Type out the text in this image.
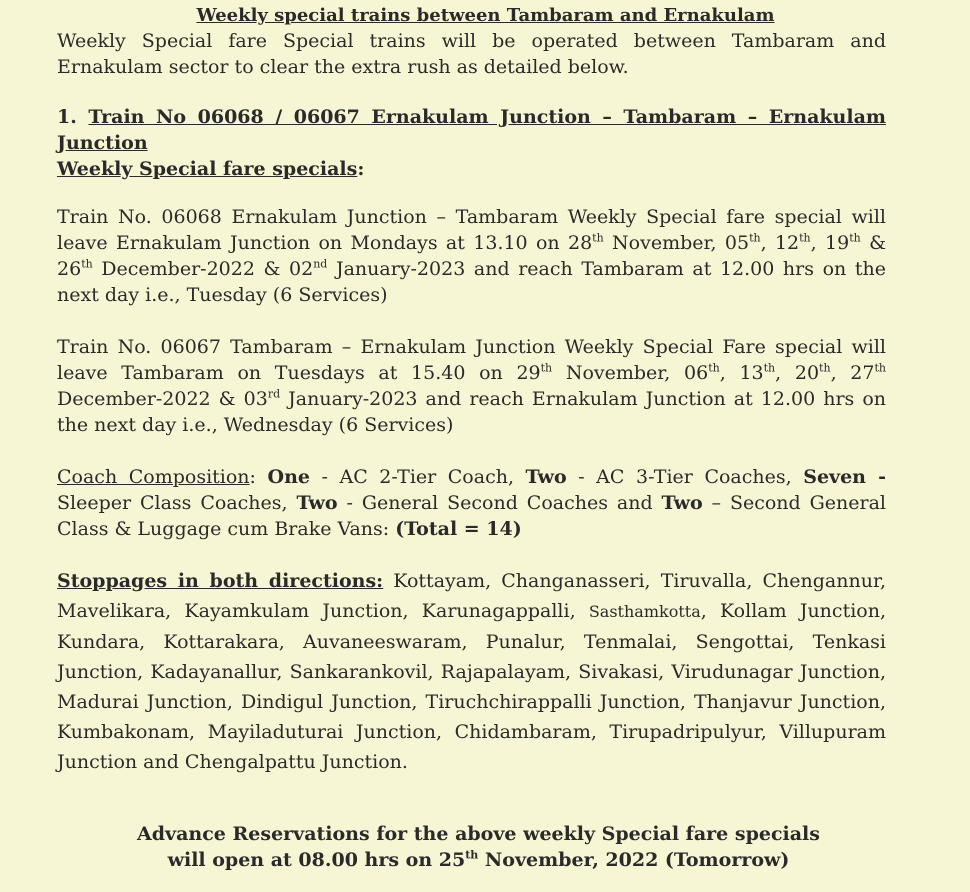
Weekly special trains between Tambaram and Ernakulam

Weekly Special fare Special trains will be operated between Tambaram and Ernakulam sector to clear the extra rush as detailed below.

1. Train No 06068 / 06067 Ernakulam Junction – Tambaram – Ernakulam Junction
Weekly Special fare specials:

Train No. 06068 Ernakulam Junction – Tambaram Weekly Special fare special will leave Ernakulam Junction on Mondays at 13.10 on 28th November, 05th, 12th, 19th & 26th December-2022 & 02nd January-2023 and reach Tambaram at 12.00 hrs on the next day i.e., Tuesday (6 Services)

Train No. 06067 Tambaram – Ernakulam Junction Weekly Special Fare special will leave Tambaram on Tuesdays at 15.40 on 29th November, 06th, 13th, 20th, 27th December-2022 & 03rd January-2023 and reach Ernakulam Junction at 12.00 hrs on the next day i.e., Wednesday (6 Services)

Coach Composition: One - AC 2-Tier Coach, Two - AC 3-Tier Coaches, Seven - Sleeper Class Coaches, Two - General Second Coaches and Two – Second General Class & Luggage cum Brake Vans: (Total = 14)

Stoppages in both directions: Kottayam, Changanasseri, Tiruvalla, Chengannur, Mavelikara, Kayamkulam Junction, Karunagappalli, Sasthamkotta, Kollam Junction, Kundara, Kottarakara, Auvaneeswaram, Punalur, Tenmalai, Sengottai, Tenkasi Junction, Kadayanallur, Sankarankovil, Rajapalayam, Sivakasi, Virudunagar Junction, Madurai Junction, Dindigul Junction, Tiruchchirappalli Junction, Thanjavur Junction, Kumbakonam, Mayiladuturai Junction, Chidambaram, Tirupadripulyur, Villupuram Junction and Chengalpattu Junction.

Advance Reservations for the above weekly Special fare specials
will open at 08.00 hrs on 25th November, 2022 (Tomorrow)
